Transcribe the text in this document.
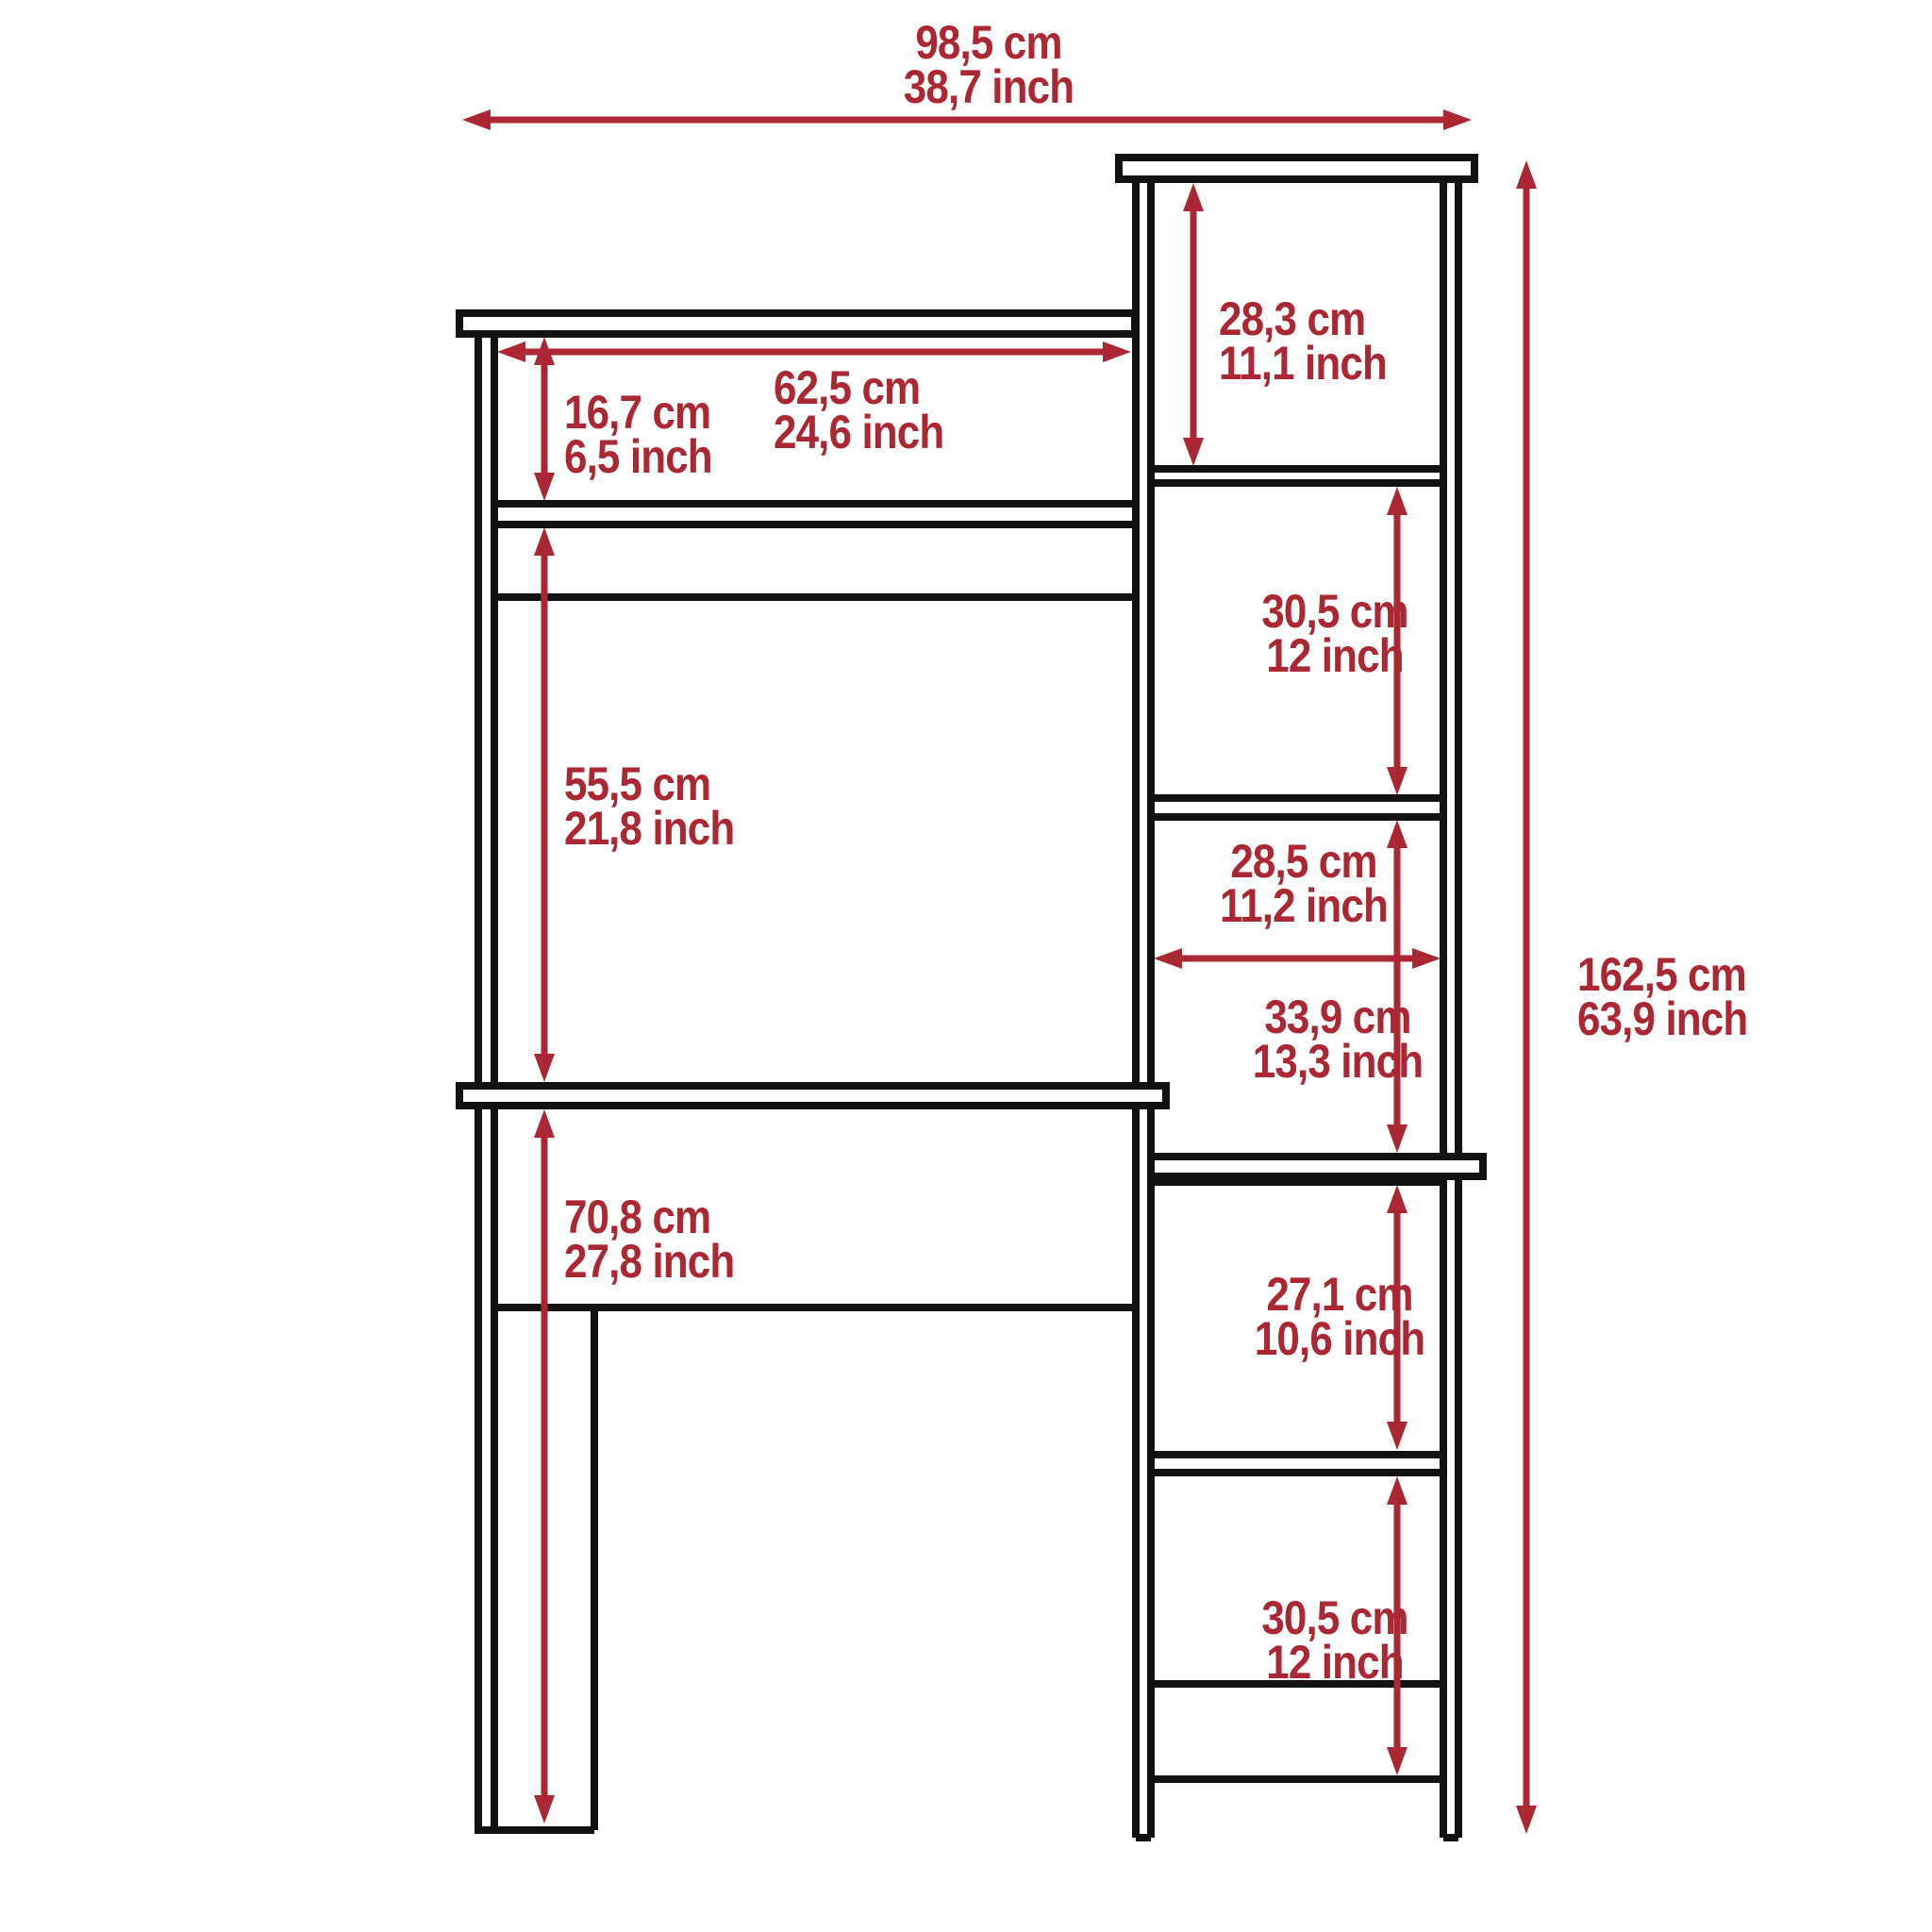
98,5 cm
38,7 inch
62,5 cm
24,6 inch
16,7 cm
6,5 inch
55,5 cm
21,8 inch
70,8 cm
27,8 inch
28,3 cm
11,1 inch
30,5 cm
12 inch
28,5 cm
11,2 inch
33,9 cm
13,3 inch
27,1 cm
10,6 inch
30,5 cm
12 inch
162,5 cm
63,9 inch
